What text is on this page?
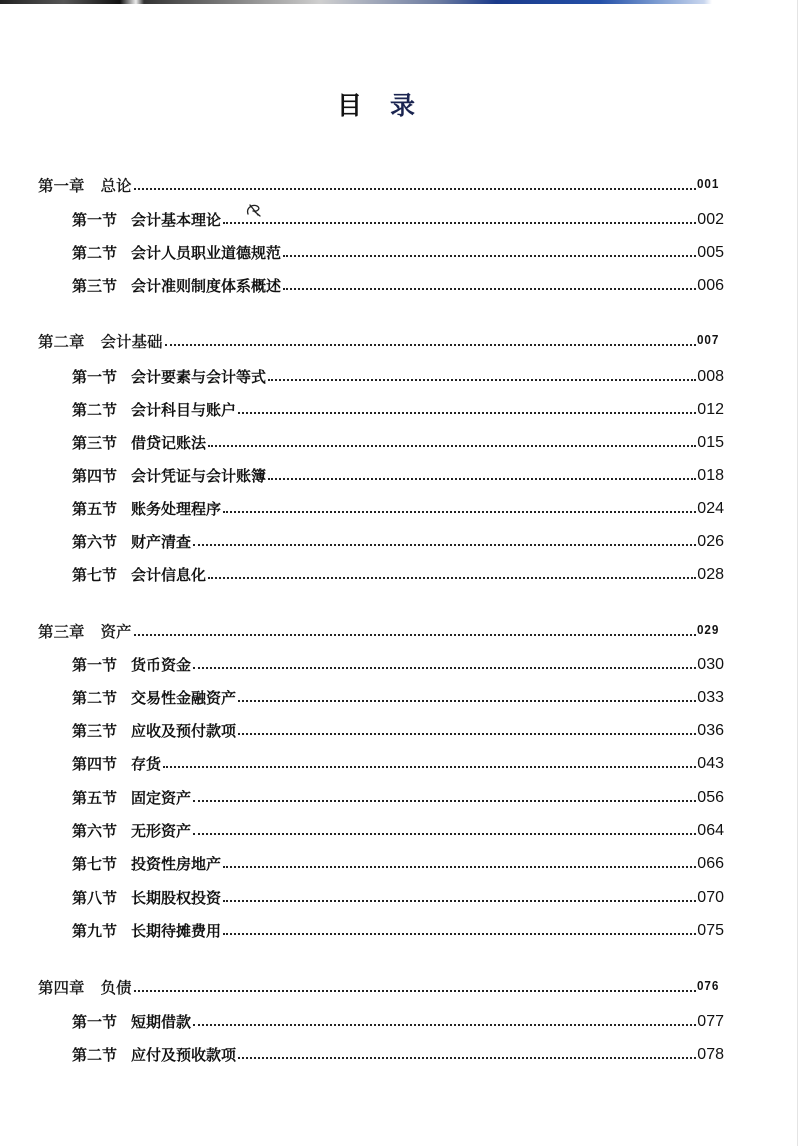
目录
第一章 总论	001
第一节 会计基本理论	002
第二节 会计人员职业道德规范	005
第三节 会计准则制度体系概述	006
第二章 会计基础	007
第一节 会计要素与会计等式	008
第二节 会计科目与账户	012
第三节 借贷记账法	015
第四节 会计凭证与会计账簿	018
第五节 账务处理程序	024
第六节 财产清查	026
第七节 会计信息化	028
第三章 资产	029
第一节 货币资金	030
第二节 交易性金融资产	033
第三节 应收及预付款项	036
第四节 存货	043
第五节 固定资产	056
第六节 无形资产	064
第七节 投资性房地产	066
第八节 长期股权投资	070
第九节 长期待摊费用	075
第四章 负债	076
第一节 短期借款	077
第二节 应付及预收款项	078
